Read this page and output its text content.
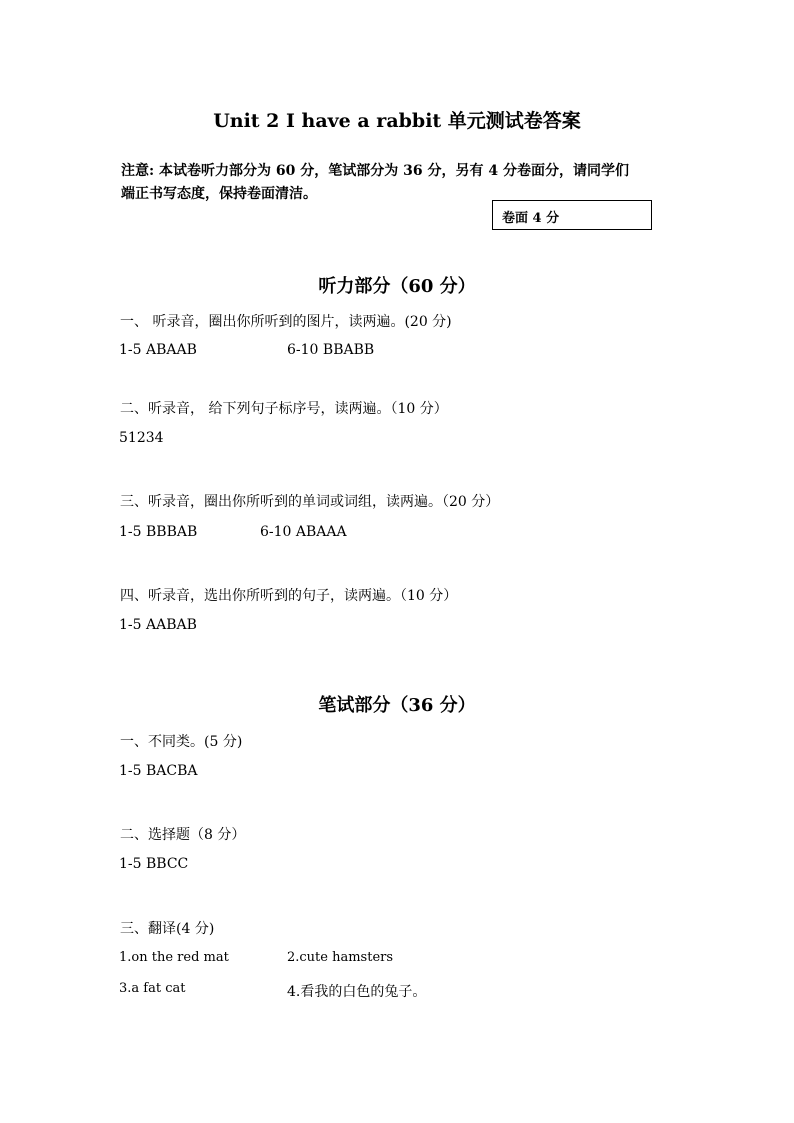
Unit 2 I have a rabbit 单元测试卷答案
注意: 本试卷听力部分为 60 分，笔试部分为 36 分，另有 4 分卷面分，请同学们
端正书写态度，保持卷面清洁。
卷面 4 分
听力部分（60 分）
一、 听录音，圈出你所听到的图片，读两遍。(20 分)
1-5 ABAAB	6-10 BBABB
二、听录音， 给下列句子标序号，读两遍。（10 分）
51234
三、听录音，圈出你所听到的单词或词组，读两遍。（20 分）
1-5 BBBAB	6-10 ABAAA
四、听录音，选出你所听到的句子，读两遍。（10 分）
1-5 AABAB
笔试部分（36 分）
一、不同类。(5 分)
1-5 BACBA
二、选择题（8 分）
1-5 BBCC
三、翻译(4 分)
1.on the red mat	2.cute hamsters
3.a fat cat	4.看我的白色的兔子。
